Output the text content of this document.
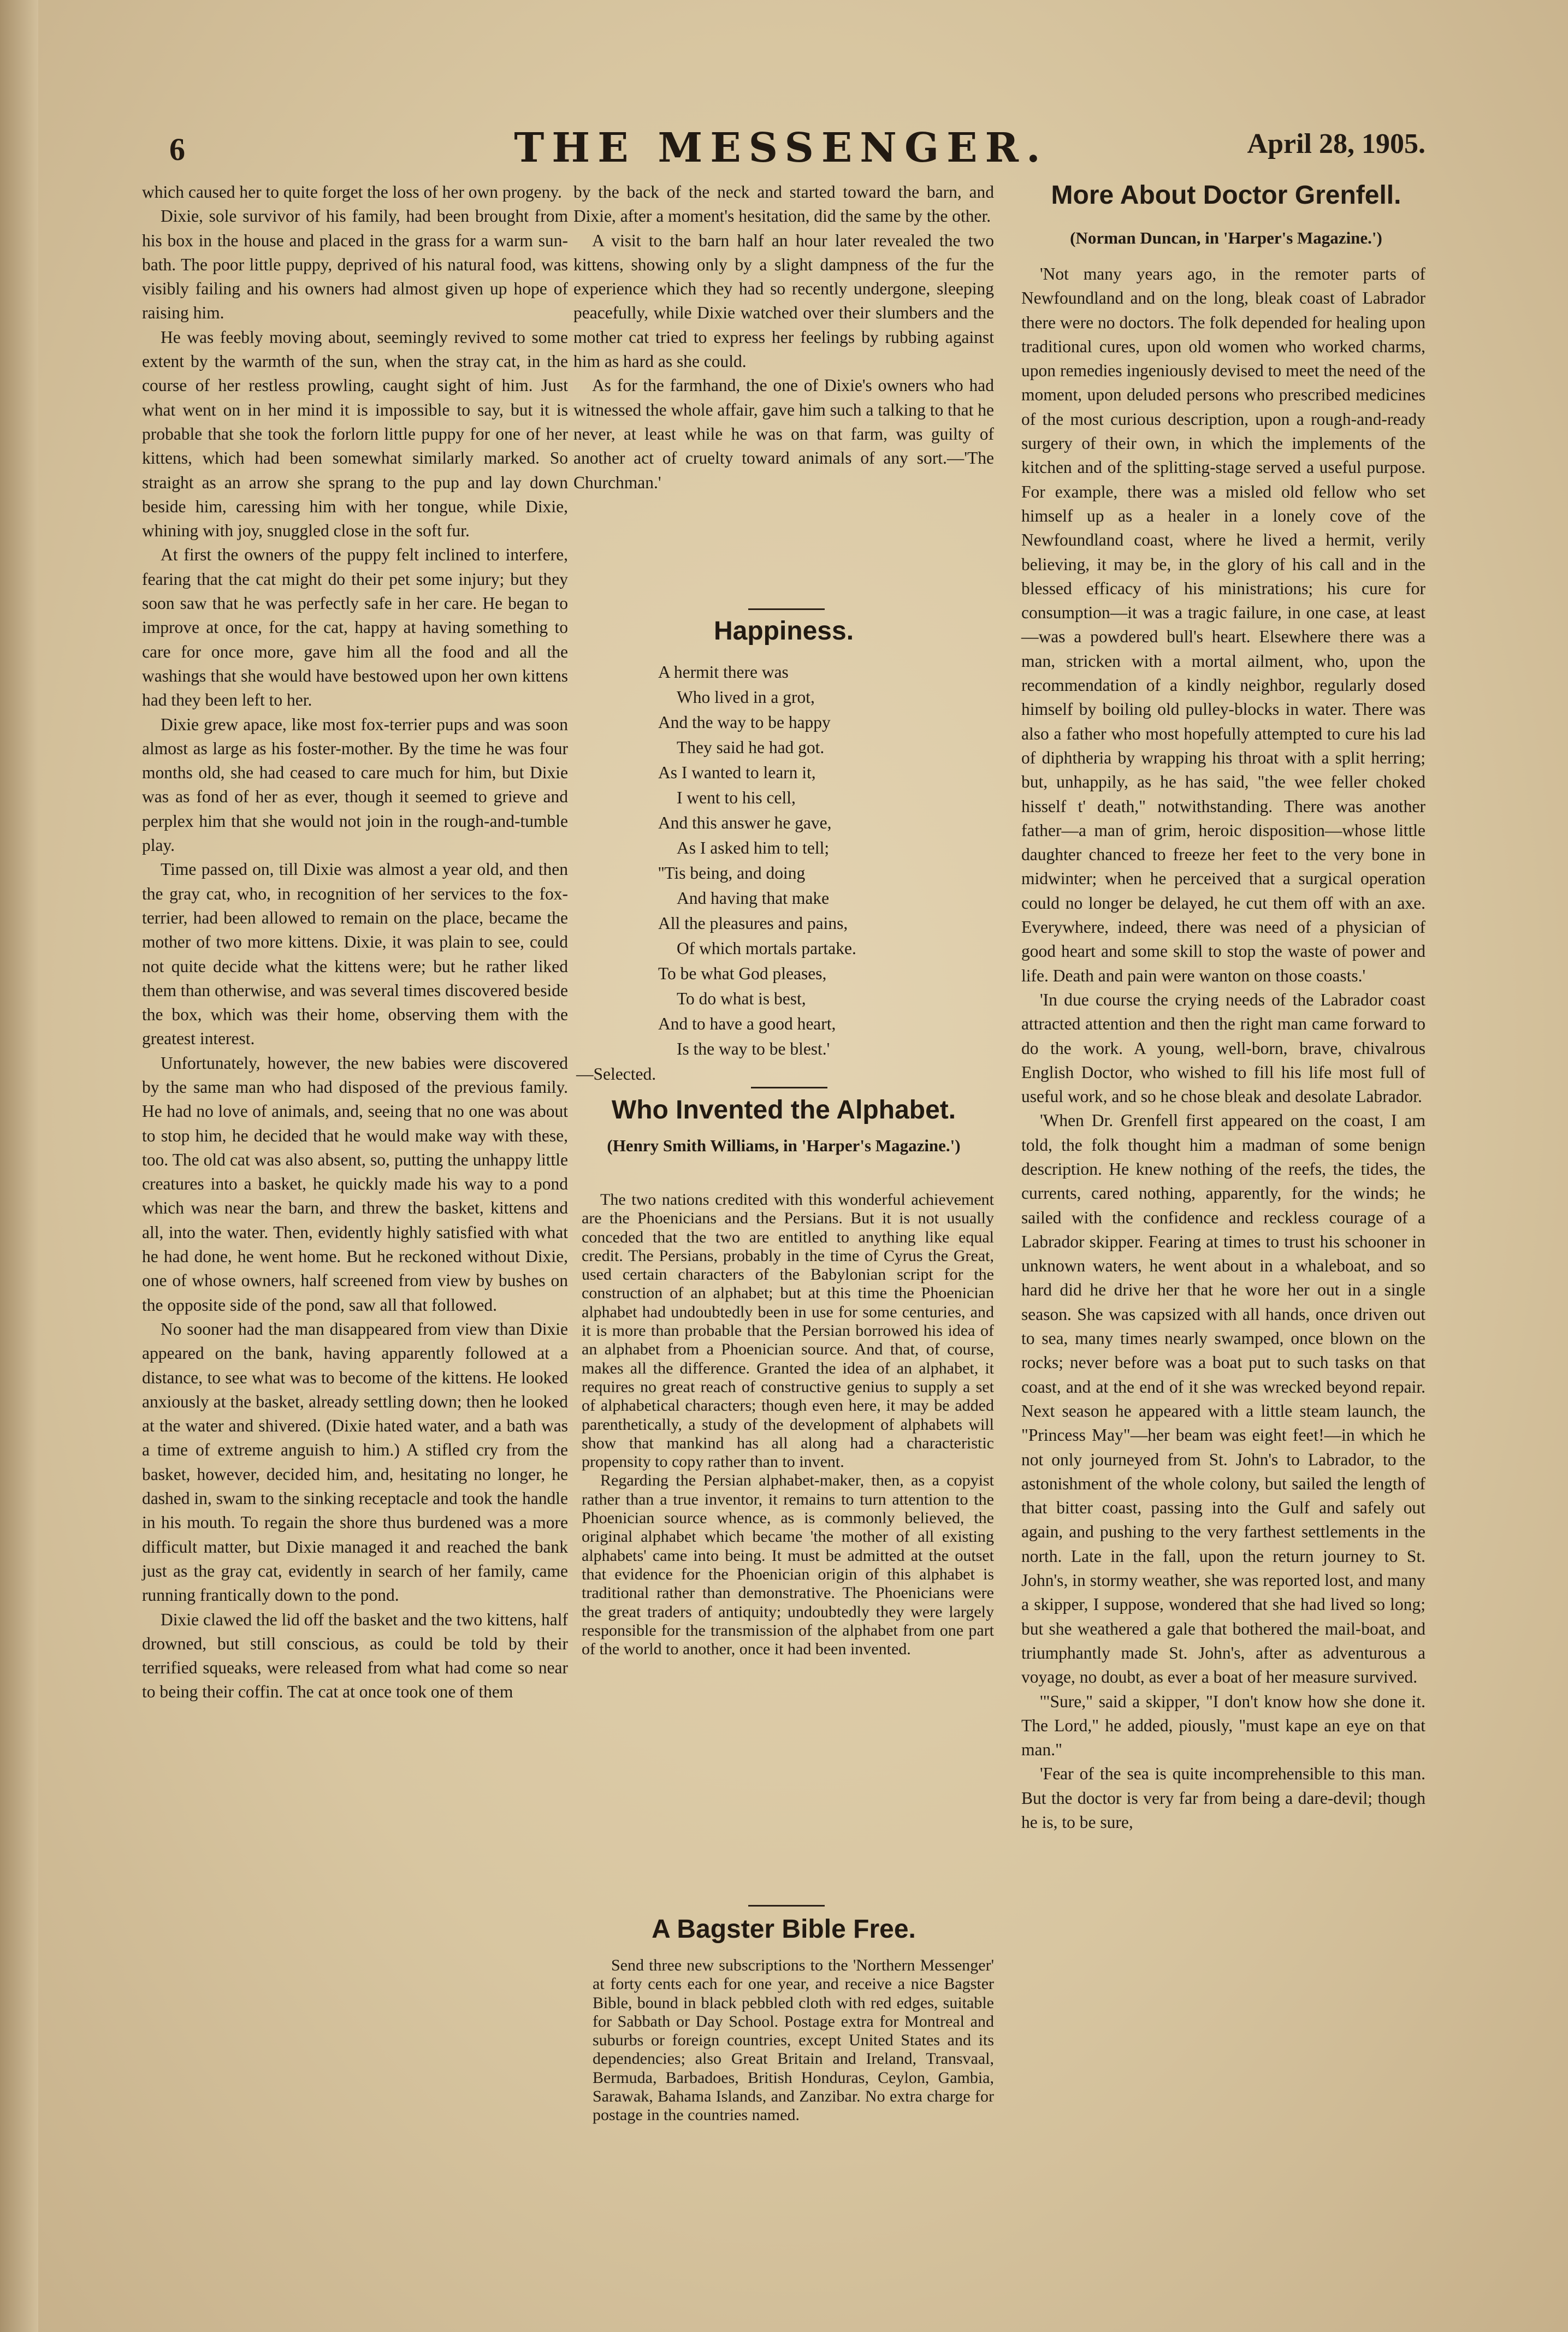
6	THE MESSENGER.	April 28, 1905.

which caused her to quite forget the loss of her own progeny.

Dixie, sole survivor of his family, had been brought from his box in the house and placed in the grass for a warm sun-bath. The poor little puppy, deprived of his natural food, was visibly failing and his owners had almost given up hope of raising him.

He was feebly moving about, seemingly revived to some extent by the warmth of the sun, when the stray cat, in the course of her restless prowling, caught sight of him. Just what went on in her mind it is impossible to say, but it is probable that she took the forlorn little puppy for one of her kittens, which had been somewhat similarly marked. So straight as an arrow she sprang to the pup and lay down beside him, caressing him with her tongue, while Dixie, whining with joy, snuggled close in the soft fur.

At first the owners of the puppy felt inclined to interfere, fearing that the cat might do their pet some injury; but they soon saw that he was perfectly safe in her care. He began to improve at once, for the cat, happy at having something to care for once more, gave him all the food and all the washings that she would have bestowed upon her own kittens had they been left to her.

Dixie grew apace, like most fox-terrier pups and was soon almost as large as his foster-mother. By the time he was four months old, she had ceased to care much for him, but Dixie was as fond of her as ever, though it seemed to grieve and perplex him that she would not join in the rough-and-tumble play.

Time passed on, till Dixie was almost a year old, and then the gray cat, who, in recognition of her services to the fox-terrier, had been allowed to remain on the place, became the mother of two more kittens. Dixie, it was plain to see, could not quite decide what the kittens were; but he rather liked them than otherwise, and was several times discovered beside the box, which was their home, observing them with the greatest interest.

Unfortunately, however, the new babies were discovered by the same man who had disposed of the previous family. He had no love of animals, and, seeing that no one was about to stop him, he decided that he would make way with these, too. The old cat was also absent, so, putting the unhappy little creatures into a basket, he quickly made his way to a pond which was near the barn, and threw the basket, kittens and all, into the water. Then, evidently highly satisfied with what he had done, he went home. But he reckoned without Dixie, one of whose owners, half screened from view by bushes on the opposite side of the pond, saw all that followed.

No sooner had the man disappeared from view than Dixie appeared on the bank, having apparently followed at a distance, to see what was to become of the kittens. He looked anxiously at the basket, already settling down; then he looked at the water and shivered. (Dixie hated water, and a bath was a time of extreme anguish to him.) A stifled cry from the basket, however, decided him, and, hesitating no longer, he dashed in, swam to the sinking receptacle and took the handle in his mouth. To regain the shore thus burdened was a more difficult matter, but Dixie managed it and reached the bank just as the gray cat, evidently in search of her family, came running frantically down to the pond.

Dixie clawed the lid off the basket and the two kittens, half drowned, but still conscious, as could be told by their terrified squeaks, were released from what had come so near to being their coffin. The cat at once took one of them

by the back of the neck and started toward the barn, and Dixie, after a moment's hesitation, did the same by the other.

A visit to the barn half an hour later revealed the two kittens, showing only by a slight dampness of the fur the experience which they had so recently undergone, sleeping peacefully, while Dixie watched over their slumbers and the mother cat tried to express her feelings by rubbing against him as hard as she could.

As for the farmhand, the one of Dixie's owners who had witnessed the whole affair, gave him such a talking to that he never, at least while he was on that farm, was guilty of another act of cruelty toward animals of any sort.—'The Churchman.'

Happiness.
A hermit there was
Who lived in a grot,
And the way to be happy
They said he had got.
As I wanted to learn it,
I went to his cell,
And this answer he gave,
As I asked him to tell;
''Tis being, and doing
And having that make
All the pleasures and pains,
Of which mortals partake.
To be what God pleases,
To do what is best,
And to have a good heart,
Is the way to be blest.'
—Selected.
Who Invented the Alphabet.
(Henry Smith Williams, in 'Harper's Magazine.')

The two nations credited with this wonderful achievement are the Phoenicians and the Persians. But it is not usually conceded that the two are entitled to anything like equal credit. The Persians, probably in the time of Cyrus the Great, used certain characters of the Babylonian script for the construction of an alphabet; but at this time the Phoenician alphabet had undoubtedly been in use for some centuries, and it is more than probable that the Persian borrowed his idea of an alphabet from a Phoenician source. And that, of course, makes all the difference. Granted the idea of an alphabet, it requires no great reach of constructive genius to supply a set of alphabetical characters; though even here, it may be added parenthetically, a study of the development of alphabets will show that mankind has all along had a characteristic propensity to copy rather than to invent.

Regarding the Persian alphabet-maker, then, as a copyist rather than a true inventor, it remains to turn attention to the Phoenician source whence, as is commonly believed, the original alphabet which became 'the mother of all existing alphabets' came into being. It must be admitted at the outset that evidence for the Phoenician origin of this alphabet is traditional rather than demonstrative. The Phoenicians were the great traders of antiquity; undoubtedly they were largely responsible for the transmission of the alphabet from one part of the world to another, once it had been invented.

A Bagster Bible Free.

Send three new subscriptions to the 'Northern Messenger' at forty cents each for one year, and receive a nice Bagster Bible, bound in black pebbled cloth with red edges, suitable for Sabbath or Day School. Postage extra for Montreal and suburbs or foreign countries, except United States and its dependencies; also Great Britain and Ireland, Transvaal, Bermuda, Barbadoes, British Honduras, Ceylon, Gambia, Sarawak, Bahama Islands, and Zanzibar. No extra charge for postage in the countries named.

More About Doctor Grenfell.
(Norman Duncan, in 'Harper's Magazine.')

'Not many years ago, in the remoter parts of Newfoundland and on the long, bleak coast of Labrador there were no doctors. The folk depended for healing upon traditional cures, upon old women who worked charms, upon remedies ingeniously devised to meet the need of the moment, upon deluded persons who prescribed medicines of the most curious description, upon a rough-and-ready surgery of their own, in which the implements of the kitchen and of the splitting-stage served a useful purpose. For example, there was a misled old fellow who set himself up as a healer in a lonely cove of the Newfoundland coast, where he lived a hermit, verily believing, it may be, in the glory of his call and in the blessed efficacy of his ministrations; his cure for consumption—it was a tragic failure, in one case, at least—was a powdered bull's heart. Elsewhere there was a man, stricken with a mortal ailment, who, upon the recommendation of a kindly neighbor, regularly dosed himself by boiling old pulley-blocks in water. There was also a father who most hopefully attempted to cure his lad of diphtheria by wrapping his throat with a split herring; but, unhappily, as he has said, "the wee feller choked hisself t' death," notwithstanding. There was another father—a man of grim, heroic disposition—whose little daughter chanced to freeze her feet to the very bone in midwinter; when he perceived that a surgical operation could no longer be delayed, he cut them off with an axe. Everywhere, indeed, there was need of a physician of good heart and some skill to stop the waste of power and life. Death and pain were wanton on those coasts.'

'In due course the crying needs of the Labrador coast attracted attention and then the right man came forward to do the work. A young, well-born, brave, chivalrous English Doctor, who wished to fill his life most full of useful work, and so he chose bleak and desolate Labrador.

'When Dr. Grenfell first appeared on the coast, I am told, the folk thought him a madman of some benign description. He knew nothing of the reefs, the tides, the currents, cared nothing, apparently, for the winds; he sailed with the confidence and reckless courage of a Labrador skipper. Fearing at times to trust his schooner in unknown waters, he went about in a whaleboat, and so hard did he drive her that he wore her out in a single season. She was capsized with all hands, once driven out to sea, many times nearly swamped, once blown on the rocks; never before was a boat put to such tasks on that coast, and at the end of it she was wrecked beyond repair. Next season he appeared with a little steam launch, the "Princess May"—her beam was eight feet!—in which he not only journeyed from St. John's to Labrador, to the astonishment of the whole colony, but sailed the length of that bitter coast, passing into the Gulf and safely out again, and pushing to the very farthest settlements in the north. Late in the fall, upon the return journey to St. John's, in stormy weather, she was reported lost, and many a skipper, I suppose, wondered that she had lived so long; but she weathered a gale that bothered the mail-boat, and triumphantly made St. John's, after as adventurous a voyage, no doubt, as ever a boat of her measure survived.

'"Sure," said a skipper, "I don't know how she done it. The Lord," he added, piously, "must kape an eye on that man."

'Fear of the sea is quite incomprehensible to this man. But the doctor is very far from being a dare-devil; though he is, to be sure,
